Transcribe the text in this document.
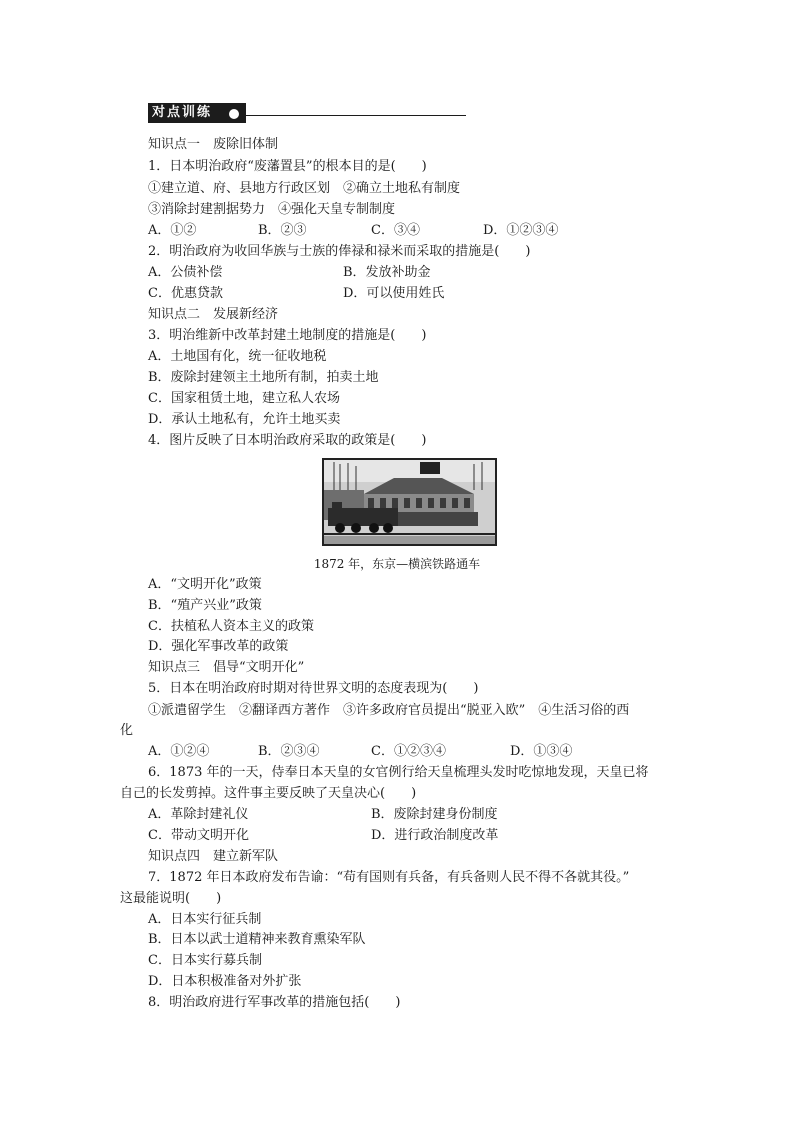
对点训练
知识点一　废除旧体制
1．日本明治政府“废藩置县”的根本目的是(　　)
①建立道、府、县地方行政区划　②确立土地私有制度
③消除封建割据势力　④强化天皇专制制度
A．①②	B．②③	C．③④	D．①②③④
2．明治政府为收回华族与士族的俸禄和禄米而采取的措施是(　　)
A．公债补偿	B．发放补助金
C．优惠贷款	D．可以使用姓氏
知识点二　发展新经济
3．明治维新中改革封建土地制度的措施是(　　)
A．土地国有化，统一征收地税
B．废除封建领主土地所有制，拍卖土地
C．国家租赁土地，建立私人农场
D．承认土地私有，允许土地买卖
4．图片反映了日本明治政府采取的政策是(　　)
1872 年，东京—横滨铁路通车
A．“文明开化”政策
B．“殖产兴业”政策
C．扶植私人资本主义的政策
D．强化军事改革的政策
知识点三　倡导“文明开化”
5．日本在明治政府时期对待世界文明的态度表现为(　　)
①派遣留学生　②翻译西方著作　③许多政府官员提出“脱亚入欧”　④生活习俗的西
化
A．①②④	B．②③④	C．①②③④	D．①③④
6．1873 年的一天，侍奉日本天皇的女官例行给天皇梳理头发时吃惊地发现，天皇已将
自己的长发剪掉。这件事主要反映了天皇决心(　　)
A．革除封建礼仪	B．废除封建身份制度
C．带动文明开化	D．进行政治制度改革
知识点四　建立新军队
7．1872 年日本政府发布告谕：“苟有国则有兵备，有兵备则人民不得不各就其役。”
这最能说明(　　)
A．日本实行征兵制
B．日本以武士道精神来教育熏染军队
C．日本实行募兵制
D．日本积极准备对外扩张
8．明治政府进行军事改革的措施包括(　　)
